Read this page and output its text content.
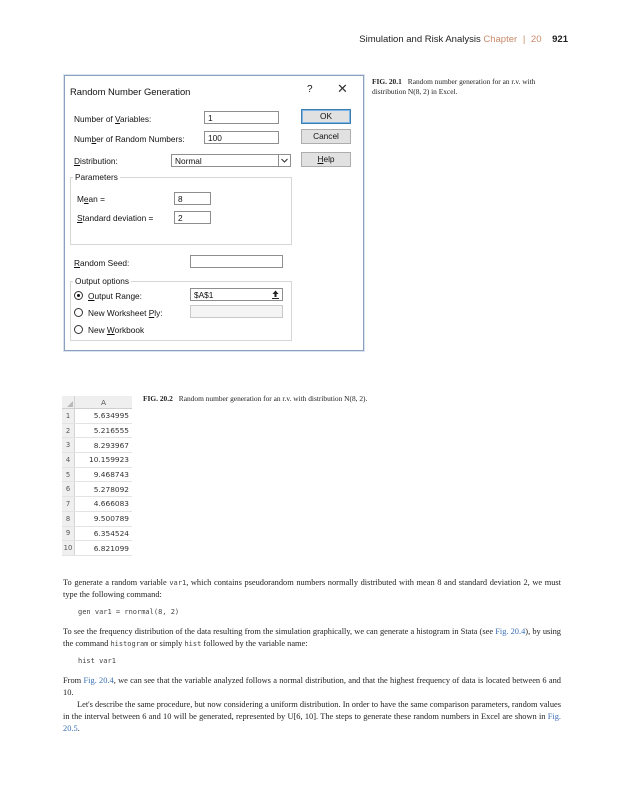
Simulation and Risk Analysis Chapter | 20 921
FIG. 20.1 Random number generation for an r.v. with distribution N(8, 2) in Excel.
Random Number Generation	? ✕
Number of Variables:	1
Number of Random Numbers:	100
Distribution:	Normal
OK
Cancel
Help
Parameters
Mean =	8
Standard deviation =	2
Random Seed:
Output options
Output Range:	$A$1
New Worksheet Ply:
New Workbook
FIG. 20.2 Random number generation for an r.v. with distribution N(8, 2).
	A
1	5.634995
2	5.216555
3	8.293967
4	10.159923
5	9.468743
6	5.278092
7	4.666083
8	9.500789
9	6.354524
10	6.821099
To generate a random variable var1, which contains pseudorandom numbers normally distributed with mean 8 and standard deviation 2, we must type the following command:
gen var1 = rnormal(8, 2)
To see the frequency distribution of the data resulting from the simulation graphically, we can generate a histogram in Stata (see Fig. 20.4), by using the command histogram or simply hist followed by the variable name:
hist var1
From Fig. 20.4, we can see that the variable analyzed follows a normal distribution, and that the highest frequency of data is located between 6 and 10.
Let's describe the same procedure, but now considering a uniform distribution. In order to have the same comparison parameters, random values in the interval between 6 and 10 will be generated, represented by U[6, 10]. The steps to generate these random numbers in Excel are shown in Fig. 20.5.
